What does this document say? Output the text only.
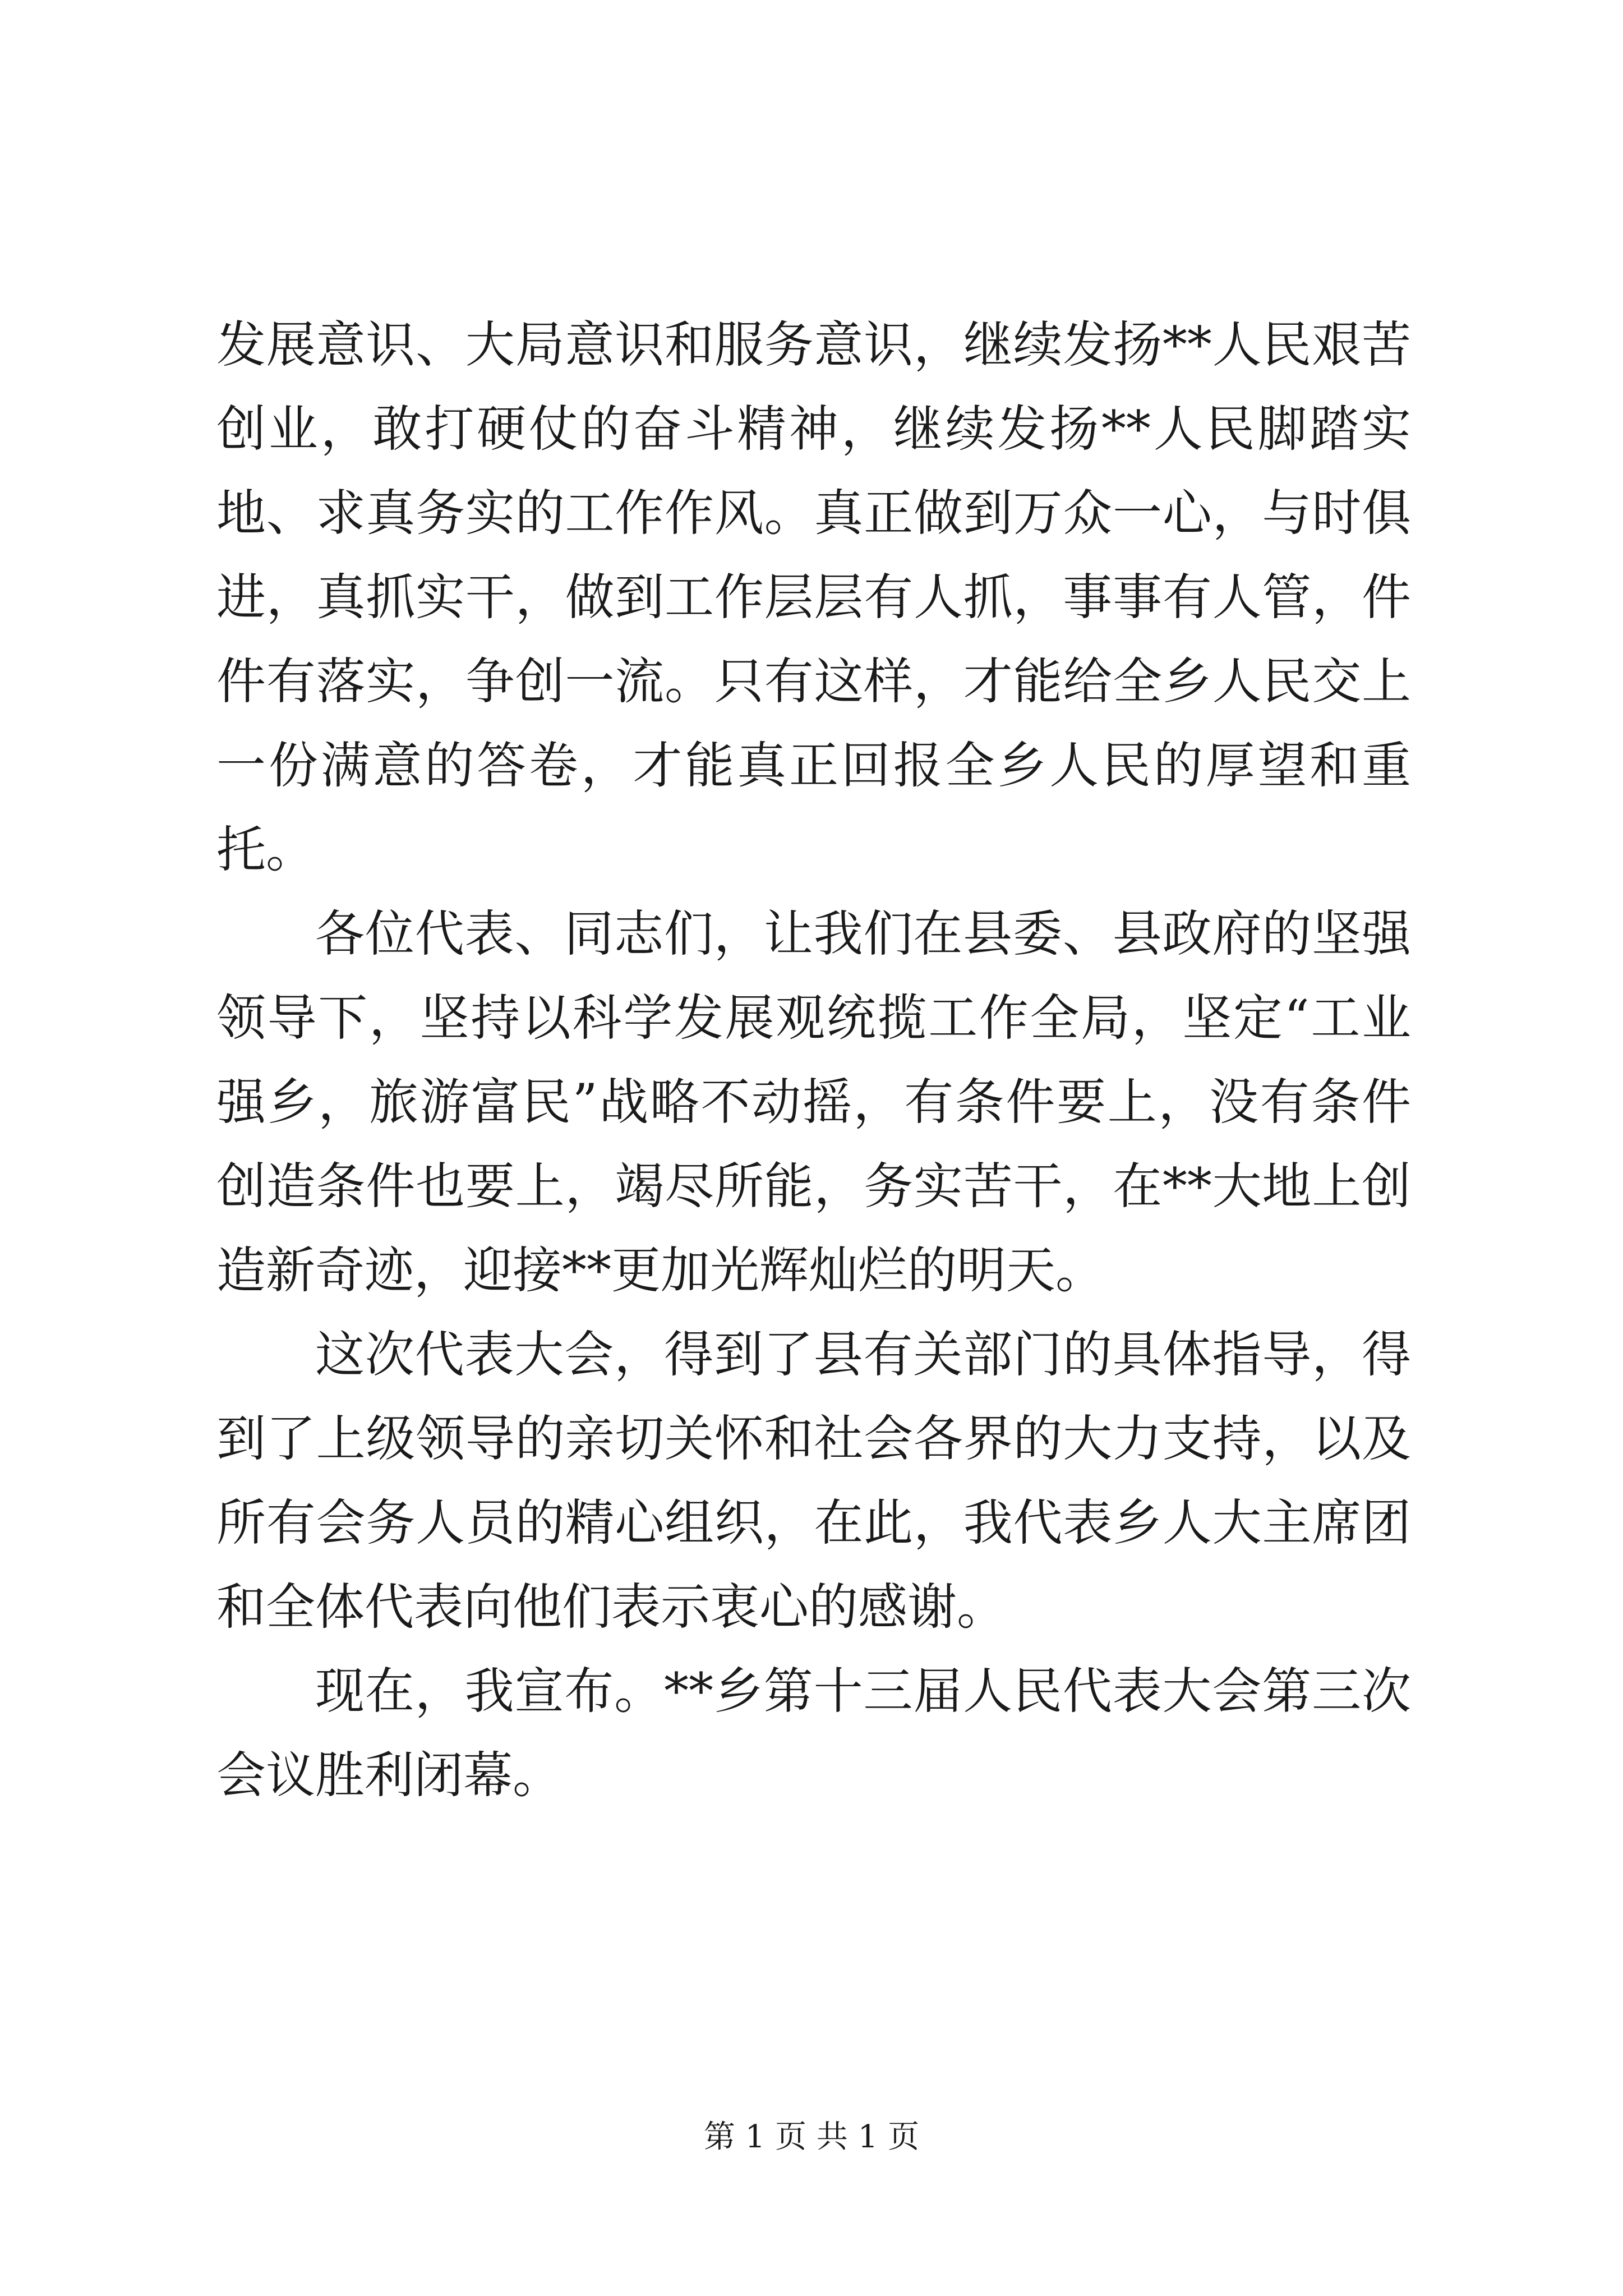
发展意识、大局意识和服务意识，继续发扬**人民艰苦创业，敢打硬仗的奋斗精神，继续发扬**人民脚踏实地、求真务实的工作作风。真正做到万众一心，与时俱进，真抓实干，做到工作层层有人抓，事事有人管，件件有落实，争创一流。只有这样，才能给全乡人民交上一份满意的答卷，才能真正回报全乡人民的厚望和重托。

各位代表、同志们，让我们在县委、县政府的坚强领导下，坚持以科学发展观统揽工作全局，坚定“工业强乡，旅游富民”战略不动摇，有条件要上，没有条件创造条件也要上，竭尽所能，务实苦干，在**大地上创造新奇迹，迎接**更加光辉灿烂的明天。

这次代表大会，得到了县有关部门的具体指导，得到了上级领导的亲切关怀和社会各界的大力支持，以及所有会务人员的精心组织，在此，我代表乡人大主席团和全体代表向他们表示衷心的感谢。

现在，我宣布。**乡第十三届人民代表大会第三次会议胜利闭幕。

第 1 页 共 1 页
